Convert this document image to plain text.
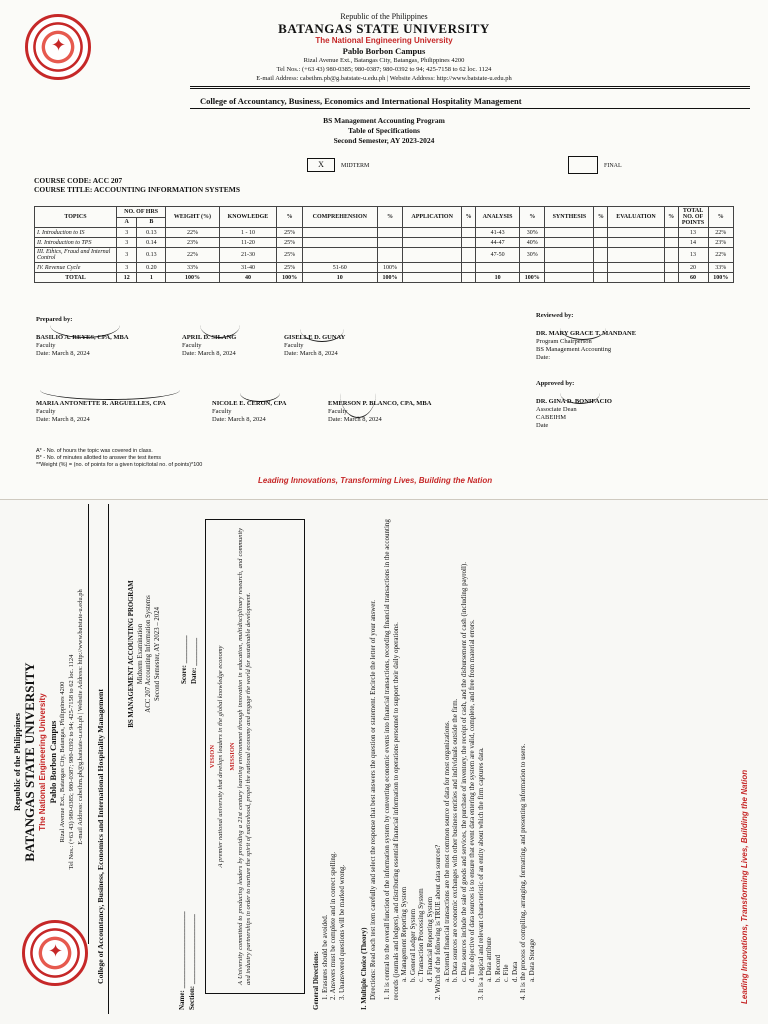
✦
Republic of the Philippines
BATANGAS STATE UNIVERSITY
The National Engineering University
Pablo Borbon Campus
Rizal Avenue Ext., Batangas City, Batangas, Philippines 4200
Tel Nos.: (+63 43) 980-0385; 980-0387; 980-0392 to 94; 425-7158 to 62 loc. 1124
E-mail Address: cabeihm.pb@g.batstate-u.edu.ph | Website Address: http://www.batstate-u.edu.ph
College of Accountancy, Business, Economics and International Hospitality Management
BS Management Accounting Program
Table of Specifications
Second Semester, AY 2023-2024
X	MIDTERM	FINAL
COURSE CODE: ACC 207
COURSE TITLE: ACCOUNTING INFORMATION SYSTEMS
TOPICS	NO. OF HRS		WEIGHT (%)	KNOWLEDGE	%	COMPREHENSION	%	APPLICATION	%	ANALYSIS	%	SYNTHESIS	%	EVALUATION	%	TOTAL NO. OF POINTS	%
	A	B															
I. Introduction to IS	3	0.13	22%	1 - 10	25%					41-43	30%					13	22%
II. Introduction to TPS	3	0.14	23%	11-20	25%					44-47	40%					14	23%
III. Ethics, Fraud and Internal Control	3	0.13	22%	21-30	25%					47-50	30%					13	22%
IV. Revenue Cycle	3	0.20	33%	31-40	25%	51-60	100%									20	33%
TOTAL	12	1	100%	40	100%	10	100%			10	100%					60	100%
Prepared by:
BASILIO A. REYES, CPA, MBA
Faculty
Date: March 8, 2024
APRIL D. SILANG
Faculty
Date: March 8, 2024
GISELLE D. GUNAY
Faculty
Date: March 8, 2024
Reviewed by:
DR. MARY GRACE T. MANDANE
Program Chairperson
BS Management Accounting
Date:
MARIA ANTONETTE R. ARGUELLES, CPA
Faculty
Date: March 8, 2024
NICOLE E. CERON, CPA
Faculty
Date: March 8, 2024
EMERSON P. BLANCO, CPA, MBA
Faculty
Date: March 8, 2024
Approved by:
DR. GINA D. BONIFACIO
Associate Dean
CABEIHM
Date
A* - No. of hours the topic was covered in class.
B* - No. of minutes allotted to answer the test items
**Weight (%) = (no. of points for a given topic/total no. of points)*100
Leading Innovations, Transforming Lives, Building the Nation
✦
Republic of the Philippines BATANGAS STATE UNIVERSITY The National Engineering University Pablo Borbon Campus Rizal Avenue Ext., Batangas City, Batangas, Philippines 4200 Tel Nos.: (+63 43) 980-0385; 980-0387; 980-0392 to 94; 425-7158 to 62 loc. 1124 E-mail Address: cabeihm.pb@g.batstate-u.edu.ph | Website Address: http://www.batstate-u.edu.ph College of Accountancy, Business, Economics and International Hospitality Management
BS MANAGEMENT ACCOUNTING PROGRAM Midterm Examination ACC 207 Accounting Information Systems Second Semester, AY 2023 – 2024
Name: ______________________
Section: ____________________
Score: ________
Date: ________
VISION A premier national university that develops leaders in the global knowledge economy MISSION A University committed to producing leaders by providing a 21st century learning environment through innovation in education, multidisciplinary research, and community and industry partnerships in order to nurture the spirit of nationhood, propel the national economy and engage the world for sustainable development.	General Directions: 1. Erasures should be avoided. 2. Answers must be complete and in correct spelling. 3. Unanswered questions will be marked wrong. I. Multiple Choice (Theory) Directions: Read each test item carefully and select the response that best answers the question or statement. Encircle the letter of your answer. 1. It is central to the overall function of the information system by converting economic events into financial transactions, recording financial transactions in the accounting records (journals and ledgers), and distributing essential financial information to operations personnel to support their daily operations. a. Management Reporting System b. General Ledger System c. Transaction Processing System d. Financial Reporting System 2. Which of the following is TRUE about data sources? a. External financial transactions are the most common source of data for most organizations. b. Data sources are economic exchanges with other business entities and individuals outside the firm. c. Data sources include the sale of goods and services, the purchase of inventory, the receipt of cash, and the disbursement of cash (including payroll). d. The objective of data sources is to ensure that event data entering the system are valid, complete, and free from material errors. 3. It is a logical and relevant characteristic of an entity about which the firm captures data. a. Data attribute b. Record c. File d. Data 4. It is the process of compiling, arranging, formatting, and presenting information to users. a. Data Storage	Leading Innovations, Transforming Lives, Building the Nation
